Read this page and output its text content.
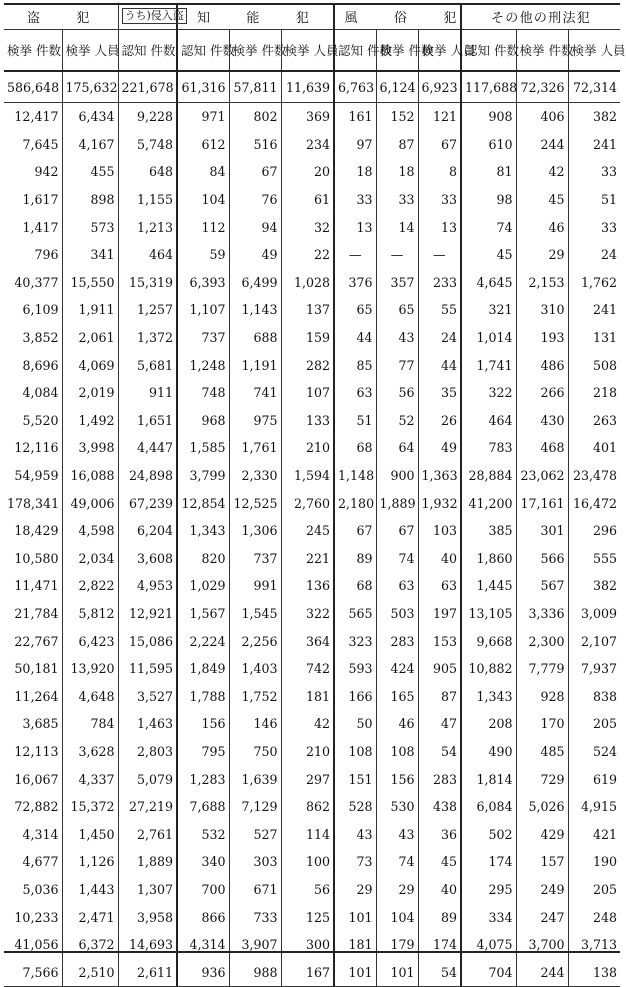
盗　犯		うち)侵入盗	知　能　犯			風　俗　犯			その他の刑法犯		
検挙 件数	検挙 人員	認知 件数	認知 件数	検挙 件数	検挙 人員	認知 件数	検挙 件数	検挙 人員	認知 件数	検挙 件数	検挙 人員
586,648	175,632	221,678	61,316	57,811	11,639	6,763	6,124	6,923	117,688	72,326	72,314
12,417	6,434	9,228	971	802	369	161	152	121	908	406	382
7,645	4,167	5,748	612	516	234	97	87	67	610	244	241
942	455	648	84	67	20	18	18	8	81	42	33
1,617	898	1,155	104	76	61	33	33	33	98	45	51
1,417	573	1,213	112	94	32	13	14	13	74	46	33
796	341	464	59	49	22	—	—	—	45	29	24
40,377	15,550	15,319	6,393	6,499	1,028	376	357	233	4,645	2,153	1,762
6,109	1,911	1,257	1,107	1,143	137	65	65	55	321	310	241
3,852	2,061	1,372	737	688	159	44	43	24	1,014	193	131
8,696	4,069	5,681	1,248	1,191	282	85	77	44	1,741	486	508
4,084	2,019	911	748	741	107	63	56	35	322	266	218
5,520	1,492	1,651	968	975	133	51	52	26	464	430	263
12,116	3,998	4,447	1,585	1,761	210	68	64	49	783	468	401
54,959	16,088	24,898	3,799	2,330	1,594	1,148	900	1,363	28,884	23,062	23,478
178,341	49,006	67,239	12,854	12,525	2,760	2,180	1,889	1,932	41,200	17,161	16,472
18,429	4,598	6,204	1,343	1,306	245	67	67	103	385	301	296
10,580	2,034	3,608	820	737	221	89	74	40	1,860	566	555
11,471	2,822	4,953	1,029	991	136	68	63	63	1,445	567	382
21,784	5,812	12,921	1,567	1,545	322	565	503	197	13,105	3,336	3,009
22,767	6,423	15,086	2,224	2,256	364	323	283	153	9,668	2,300	2,107
50,181	13,920	11,595	1,849	1,403	742	593	424	905	10,882	7,779	7,937
11,264	4,648	3,527	1,788	1,752	181	166	165	87	1,343	928	838
3,685	784	1,463	156	146	42	50	46	47	208	170	205
12,113	3,628	2,803	795	750	210	108	108	54	490	485	524
16,067	4,337	5,079	1,283	1,639	297	151	156	283	1,814	729	619
72,882	15,372	27,219	7,688	7,129	862	528	530	438	6,084	5,026	4,915
4,314	1,450	2,761	532	527	114	43	43	36	502	429	421
4,677	1,126	1,889	340	303	100	73	74	45	174	157	190
5,036	1,443	1,307	700	671	56	29	29	40	295	249	205
10,233	2,471	3,958	866	733	125	101	104	89	334	247	248
41,056	6,372	14,693	4,314	3,907	300	181	179	174	4,075	3,700	3,713
7,566	2,510	2,611	936	988	167	101	101	54	704	244	138
